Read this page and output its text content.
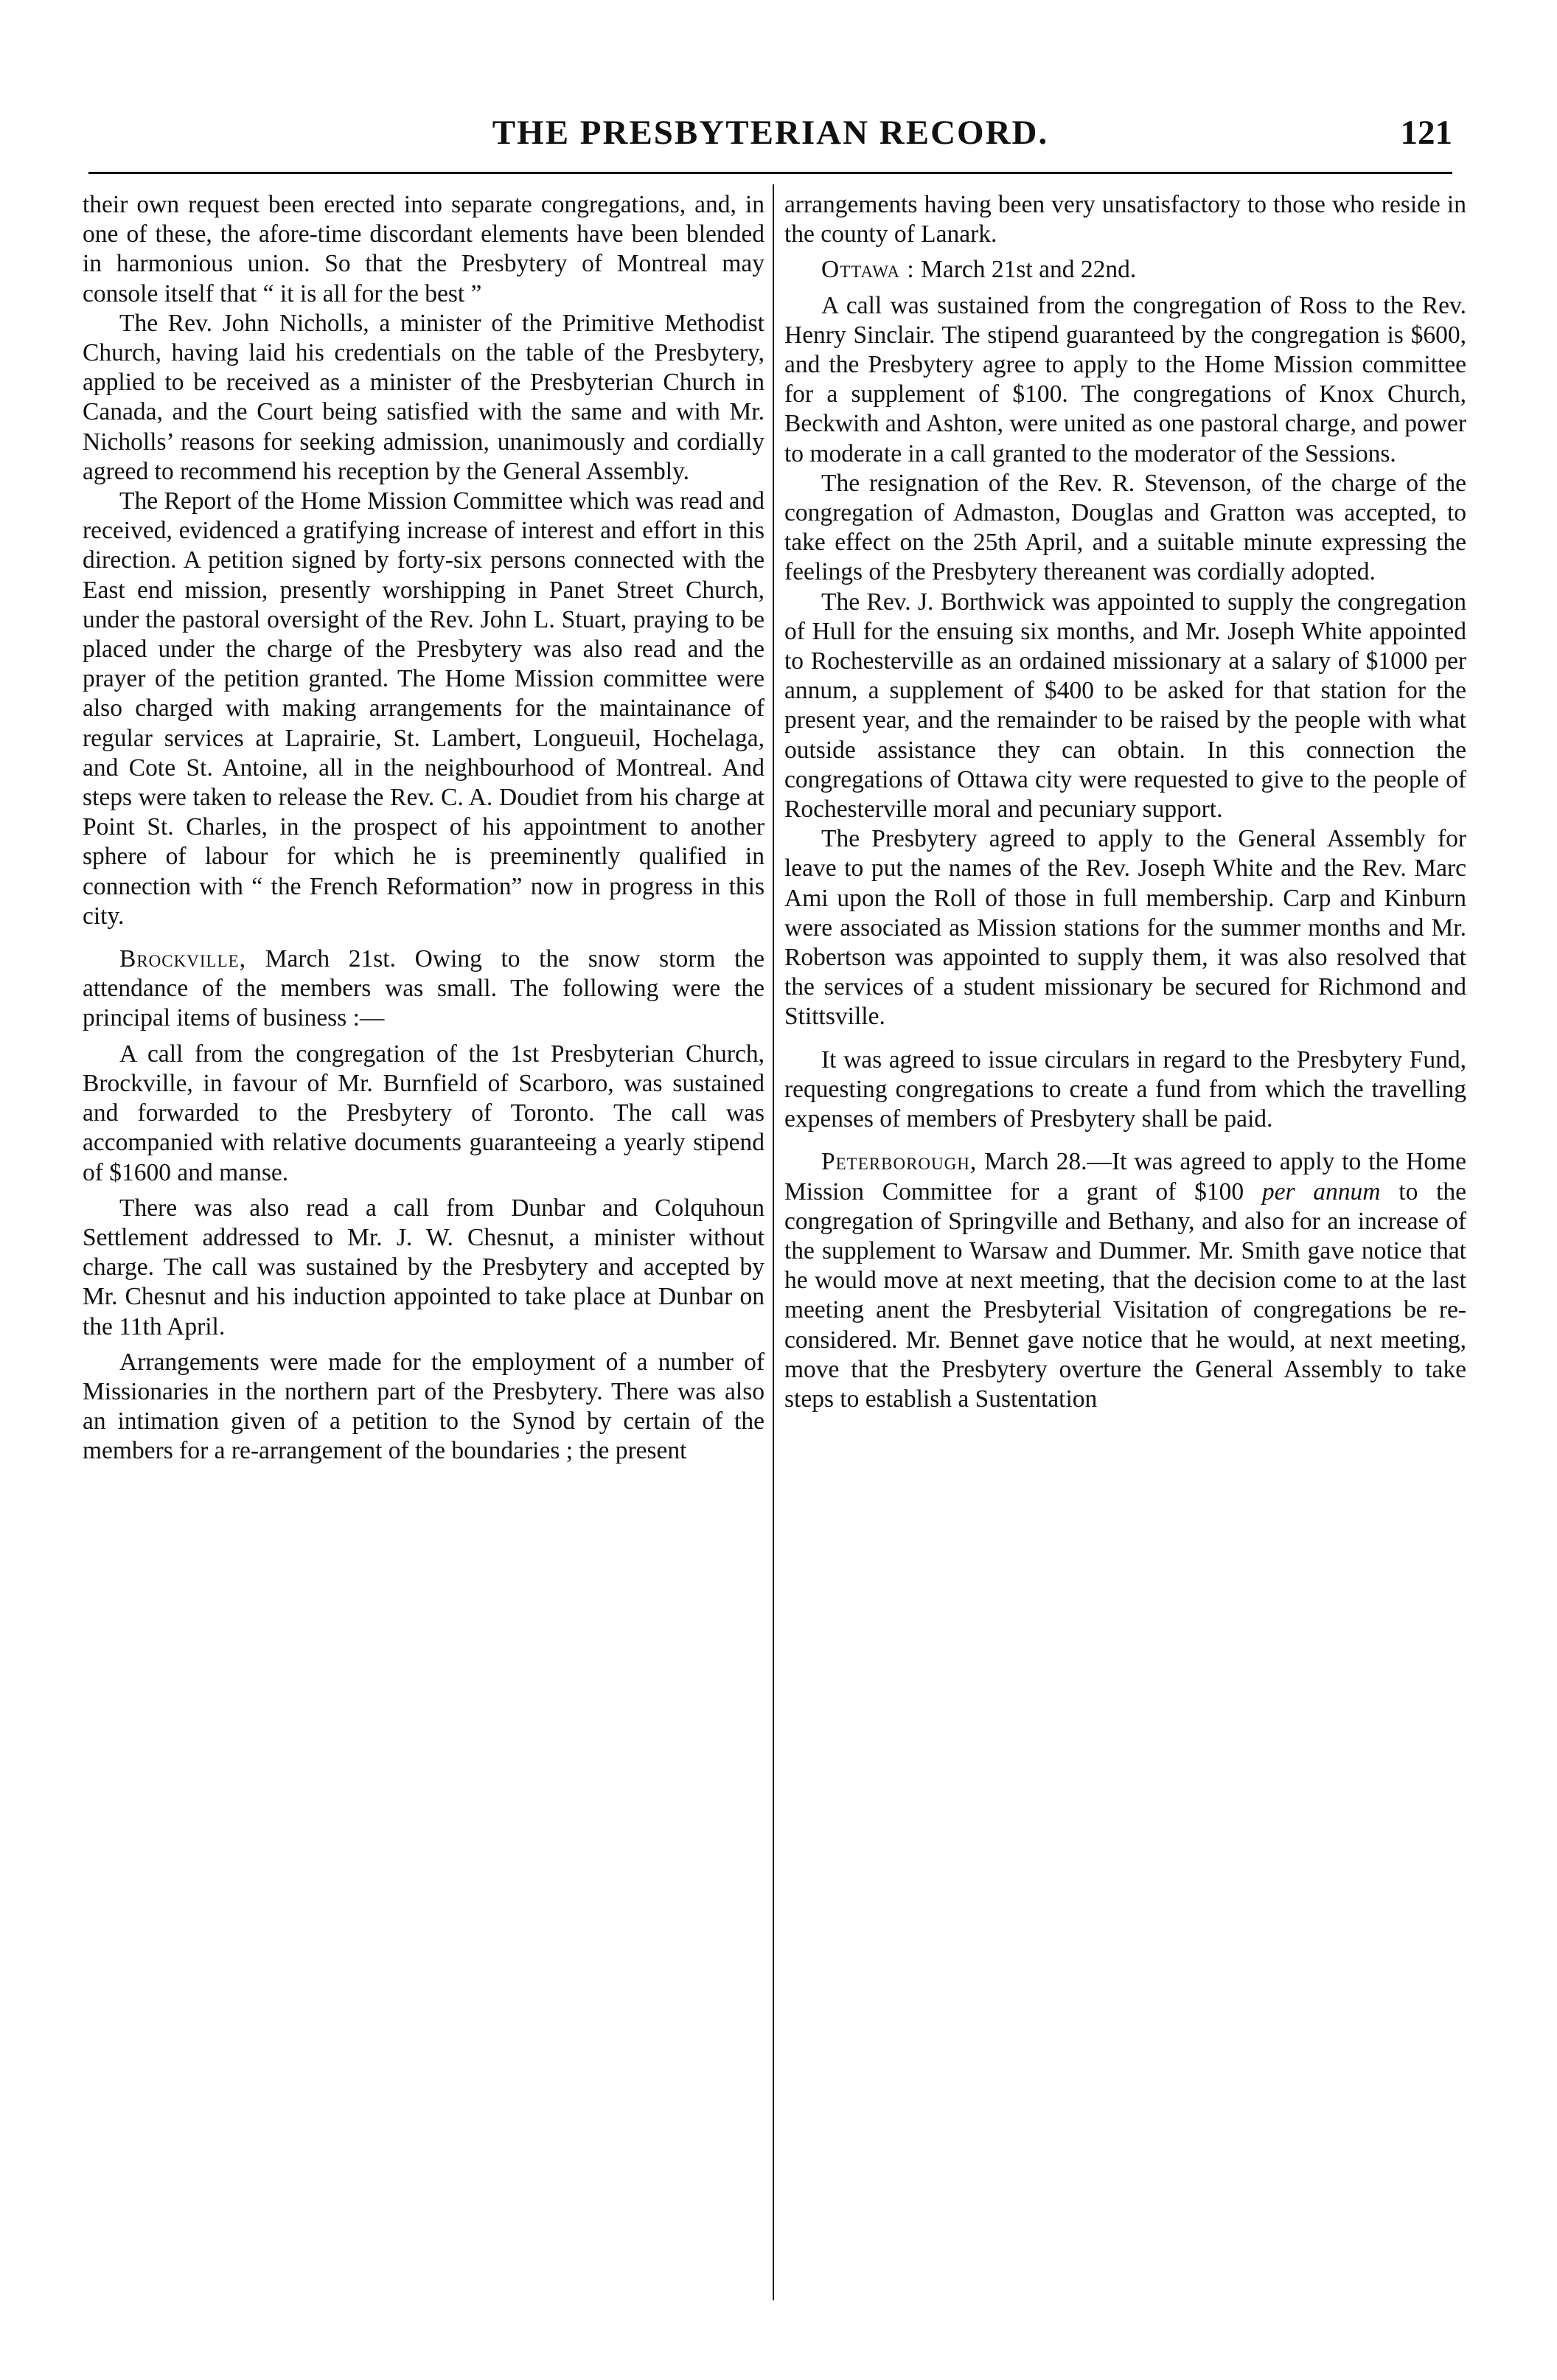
THE PRESBYTERIAN RECORD.	121

their own request been erected into separate congregations, and, in one of these, the afore-time discordant elements have been blended in harmonious union. So that the Presbytery of Montreal may console itself that “ it is all for the best ”

The Rev. John Nicholls, a minister of the Primitive Methodist Church, having laid his credentials on the table of the Presbytery, applied to be received as a minister of the Presbyterian Church in Canada, and the Court being satisfied with the same and with Mr. Nicholls’ reasons for seeking admission, unanimously and cordially agreed to recommend his reception by the General Assembly.

The Report of the Home Mission Committee which was read and received, evidenced a gratifying increase of interest and effort in this direction. A petition signed by forty-six persons connected with the East end mission, presently worshipping in Panet Street Church, under the pastoral oversight of the Rev. John L. Stuart, praying to be placed under the charge of the Presbytery was also read and the prayer of the petition granted. The Home Mission committee were also charged with making arrangements for the maintainance of regular services at Laprairie, St. Lambert, Longueuil, Hochelaga, and Cote St. Antoine, all in the neighbourhood of Montreal. And steps were taken to release the Rev. C. A. Doudiet from his charge at Point St. Charles, in the prospect of his appointment to another sphere of labour for which he is preeminently qualified in connection with “ the French Reformation” now in progress in this city.

Brockville, March 21st. Owing to the snow storm the attendance of the members was small. The following were the principal items of business :—

A call from the congregation of the 1st Presbyterian Church, Brockville, in favour of Mr. Burnfield of Scarboro, was sustained and forwarded to the Presbytery of Toronto. The call was accompanied with relative documents guaranteeing a yearly stipend of $1600 and manse.

There was also read a call from Dunbar and Colquhoun Settlement addressed to Mr. J. W. Chesnut, a minister without charge. The call was sustained by the Presbytery and accepted by Mr. Chesnut and his induction appointed to take place at Dunbar on the 11th April.

Arrangements were made for the employment of a number of Missionaries in the northern part of the Presbytery. There was also an intimation given of a petition to the Synod by certain of the members for a re-arrangement of the boundaries ; the present

arrangements having been very unsatisfactory to those who reside in the county of Lanark.

Ottawa : March 21st and 22nd.

A call was sustained from the congregation of Ross to the Rev. Henry Sinclair. The stipend guaranteed by the congregation is $600, and the Presbytery agree to apply to the Home Mission committee for a supplement of $100. The congregations of Knox Church, Beckwith and Ashton, were united as one pastoral charge, and power to moderate in a call granted to the moderator of the Sessions.

The resignation of the Rev. R. Stevenson, of the charge of the congregation of Admaston, Douglas and Gratton was accepted, to take effect on the 25th April, and a suitable minute expressing the feelings of the Presbytery thereanent was cordially adopted.

The Rev. J. Borthwick was appointed to supply the congregation of Hull for the ensuing six months, and Mr. Joseph White appointed to Rochesterville as an ordained missionary at a salary of $1000 per annum, a supplement of $400 to be asked for that station for the present year, and the remainder to be raised by the people with what outside assistance they can obtain. In this connection the congregations of Ottawa city were requested to give to the people of Rochesterville moral and pecuniary support.

The Presbytery agreed to apply to the General Assembly for leave to put the names of the Rev. Joseph White and the Rev. Marc Ami upon the Roll of those in full membership. Carp and Kinburn were associated as Mission stations for the summer months and Mr. Robertson was appointed to supply them, it was also resolved that the services of a student missionary be secured for Richmond and Stittsville.

It was agreed to issue circulars in regard to the Presbytery Fund, requesting congregations to create a fund from which the travelling expenses of members of Presbytery shall be paid.

Peterborough, March 28.—It was agreed to apply to the Home Mission Committee for a grant of $100 per annum to the congregation of Springville and Bethany, and also for an increase of the supplement to Warsaw and Dummer. Mr. Smith gave notice that he would move at next meeting, that the decision come to at the last meeting anent the Presbyterial Visitation of congregations be re-considered. Mr. Bennet gave notice that he would, at next meeting, move that the Presbytery overture the General Assembly to take steps to establish a Sustentation
